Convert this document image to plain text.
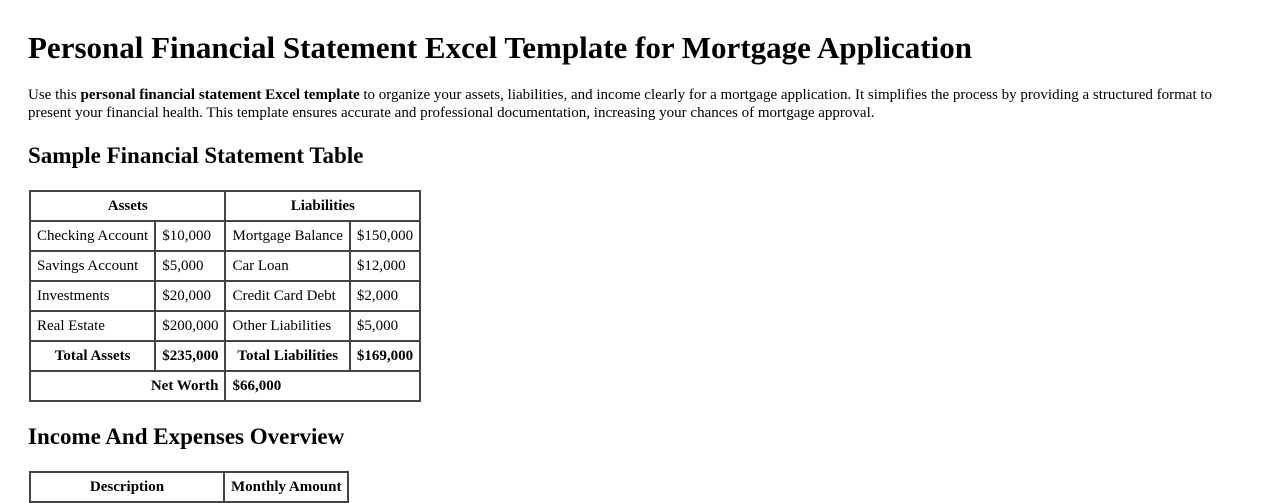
Personal Financial Statement Excel Template for Mortgage Application

Use this personal financial statement Excel template to organize your assets, liabilities, and income clearly for a mortgage application. It simplifies the process by providing a structured format to present your financial health. This template ensures accurate and professional documentation, increasing your chances of mortgage approval.

Sample Financial Statement Table
Assets		Liabilities	
Checking Account	$10,000	Mortgage Balance	$150,000
Savings Account	$5,000	Car Loan	$12,000
Investments	$20,000	Credit Card Debt	$2,000
Real Estate	$200,000	Other Liabilities	$5,000
Total Assets	$235,000	Total Liabilities	$169,000
Net Worth		$66,000	
Income And Expenses Overview
Description	Monthly Amount
